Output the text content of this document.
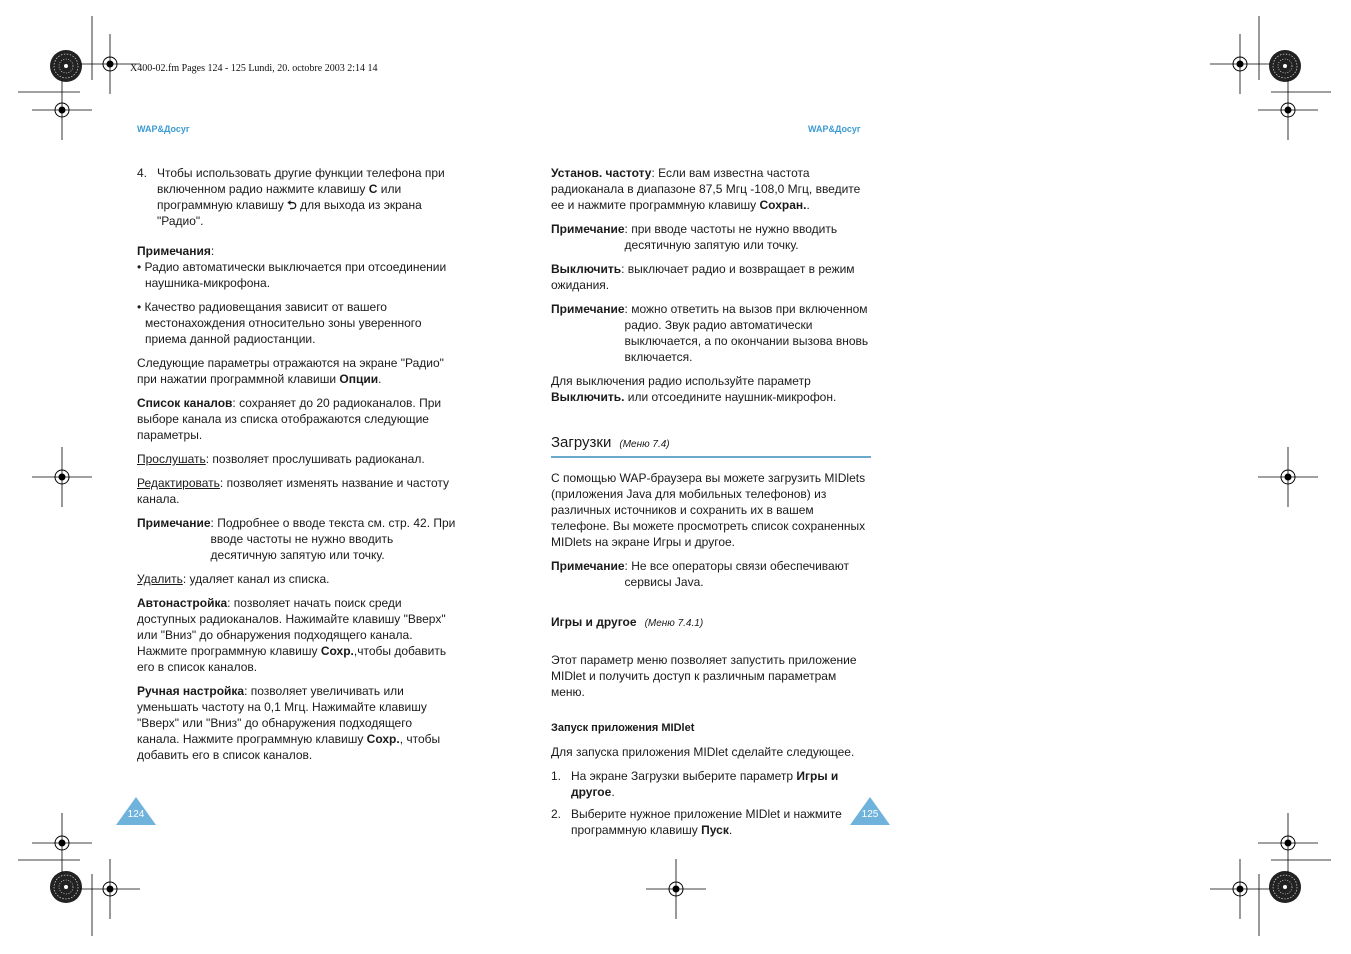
X400-02.fm Pages 124 - 125 Lundi, 20. octobre 2003 2:14 14
WAP&Досуг	WAP&Досуг
4. Чтобы использовать другие функции телефона при включенном радио нажмите клавишу C или программную клавишу ⮌ для выхода из экрана "Радио".

Примечания:

• Радио автоматически выключается при отсоединении наушника-микрофона.

• Качество радиовещания зависит от вашего местонахождения относительно зоны уверенного приема данной радиостанции.

Следующие параметры отражаются на экране "Радио" при нажатии программной клавиши Опции.

Список каналов: сохраняет до 20 радиоканалов. При выборе канала из списка отображаются следующие параметры.

Прослушать: позволяет прослушивать радиоканал.

Редактировать: позволяет изменять название и частоту канала.

Примечание : Подробнее о вводе текста см. стр. 42. При вводе частоты не нужно вводить десятичную запятую или точку.

Удалить: удаляет канал из списка.

Автонастройка: позволяет начать поиск среди доступных радиоканалов. Нажимайте клавишу "Вверх" или "Вниз" до обнаружения подходящего канала. Нажмите программную клавишу Сохр.,чтобы добавить его в список каналов.

Ручная настройка: позволяет увеличивать или уменьшать частоту на 0,1 Мгц. Нажимайте клавишу "Вверх" или "Вниз" до обнаружения подходящего канала. Нажмите программную клавишу Сохр., чтобы добавить его в список каналов.

Установ. частоту: Если вам известна частота радиоканала в диапазоне 87,5 Мгц -108,0 Мгц, введите ее и нажмите программную клавишу Сохран..

Примечание : при вводе частоты не нужно вводить десятичную запятую или точку.

Выключить: выключает радио и возвращает в режим ожидания.

Примечание : можно ответить на вызов при включенном радио. Звук радио автоматически выключается, а по окончании вызова вновь включается.

Для выключения радио используйте параметр Выключить. или отсоедините наушник-микрофон.

Загрузки (Меню 7.4)

С помощью WAP-браузера вы можете загрузить MIDlets (приложения Java для мобильных телефонов) из различных источников и сохранить их в вашем телефоне. Вы можете просмотреть список сохраненных MIDlets на экране Игры и другое.

Примечание : Не все операторы связи обеспечивают сервисы Java.
Игры и другое (Меню 7.4.1)

Этот параметр меню позволяет запустить приложение MIDlet и получить доступ к различным параметрам меню.

Запуск приложения MIDlet

Для запуска приложения MIDlet сделайте следующее.

1. На экране Загрузки выберите параметр Игры и другое.
2. Выберите нужное приложение MIDlet и нажмите программную клавишу Пуск.
124	125
